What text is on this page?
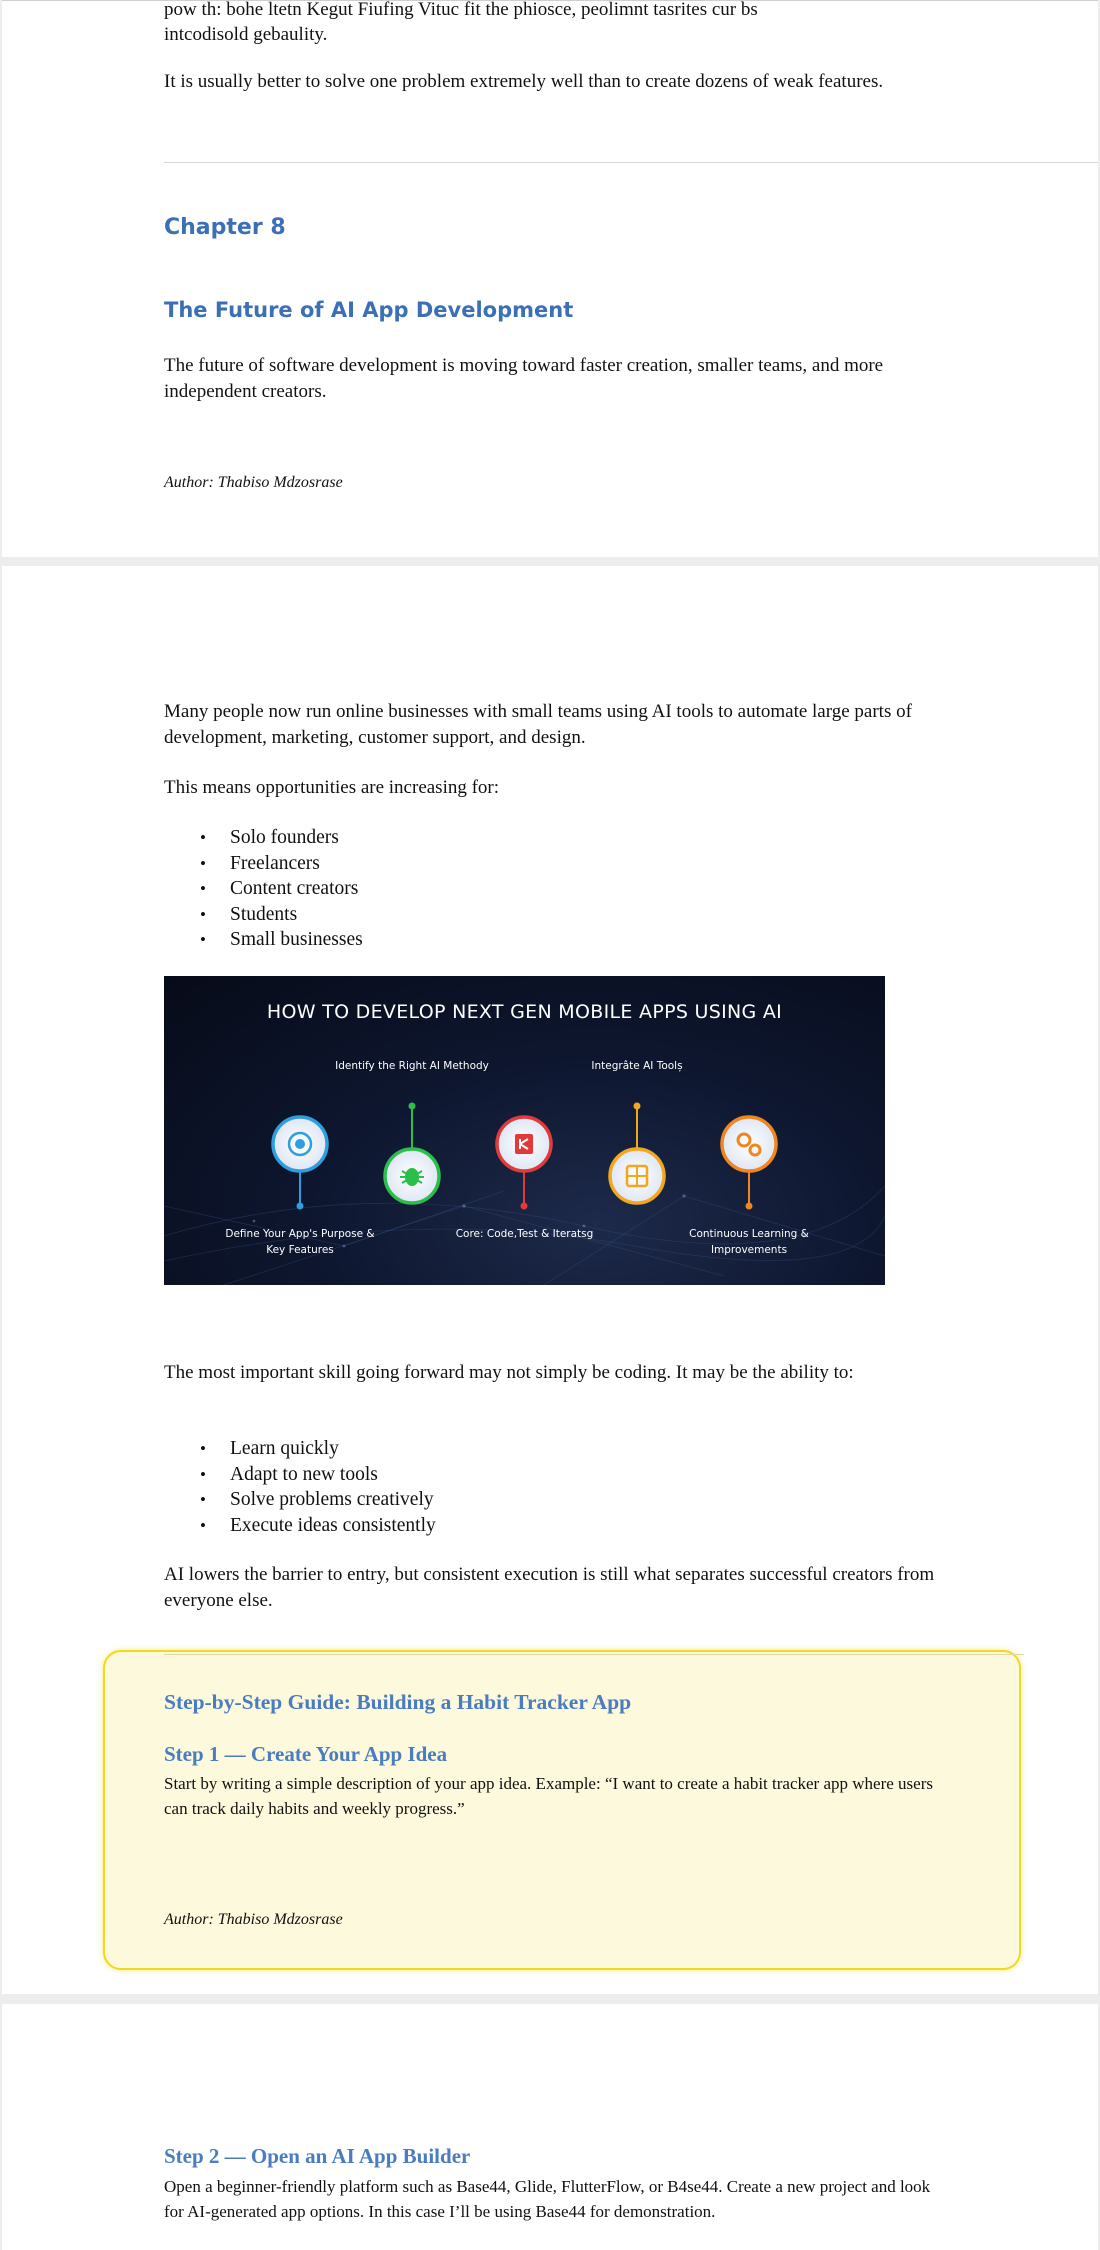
pow th: bohe ltetn Kegut Fiufing Vituc fit the phiosce, peolimnt tasrites cur bs
intcodisold gebaulity.

It is usually better to solve one problem extremely well than to create dozens of weak features.

Chapter 8
The Future of AI App Development

The future of software development is moving toward faster creation, smaller teams, and more independent creators.

Author: Thabiso Mdzosrase

Many people now run online businesses with small teams using AI tools to automate large parts of development, marketing, customer support, and design.

This means opportunities are increasing for:

• Solo founders
• Freelancers
• Content creators
• Students
• Small businesses
HOW TO DEVELOP NEXT GEN MOBILE APPS USING AI
Identify the Right AI Methody	Integrâte AI Toolș
Define Your App's Purpose & Key Features
Core: Code,Test & Iteratsg	Continuous Learning & Improvements

The most important skill going forward may not simply be coding. It may be the ability to:

• Learn quickly
• Adapt to new tools
• Solve problems creatively
• Execute ideas consistently

AI lowers the barrier to entry, but consistent execution is still what separates successful creators from everyone else.

Step-by-Step Guide: Building a Habit Tracker App
Step 1 — Create Your App Idea

Start by writing a simple description of your app idea. Example: “I want to create a habit tracker app where users can track daily habits and weekly progress.”

Author: Thabiso Mdzosrase

Step 2 — Open an AI App Builder

Open a beginner-friendly platform such as Base44, Glide, FlutterFlow, or B4se44. Create a new project and look for AI-generated app options. In this case I’ll be using Base44 for demonstration.
